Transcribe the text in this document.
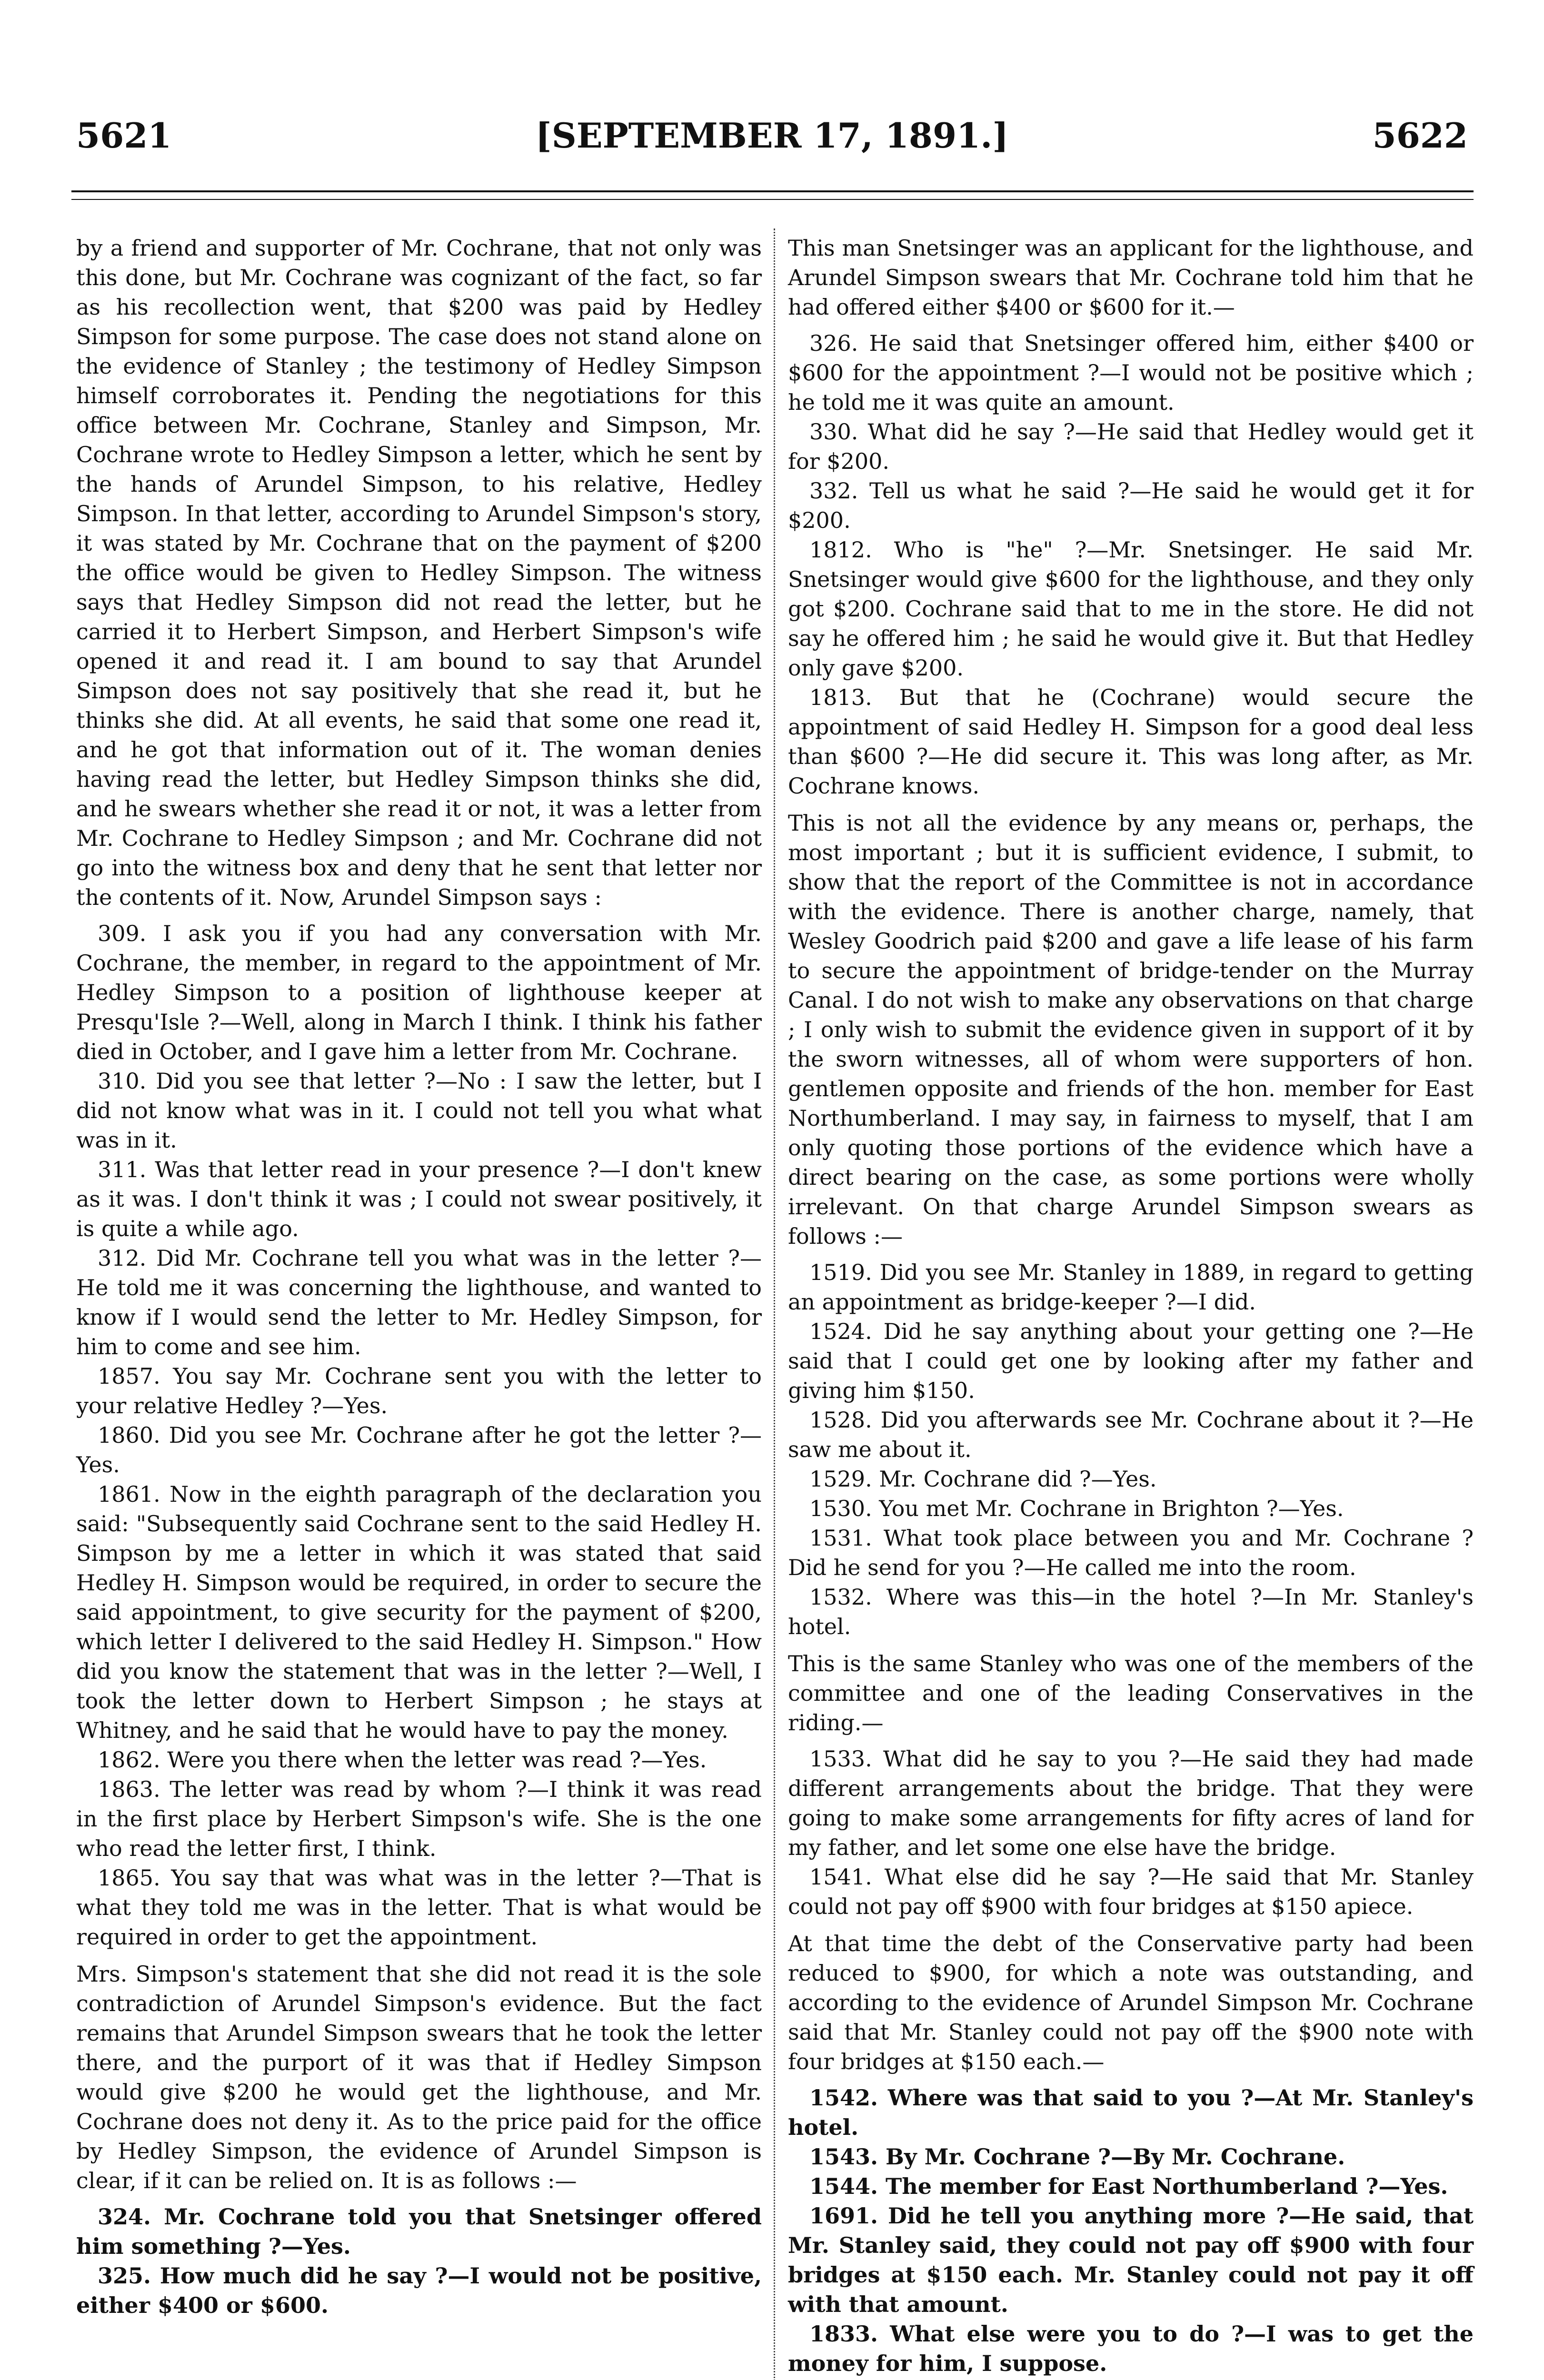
5621	[SEPTEMBER 17, 1891.]	5622

by a friend and supporter of Mr. Cochrane, that not only was this done, but Mr. Cochrane was cognizant of the fact, so far as his recollection went, that $200 was paid by Hedley Simpson for some purpose. The case does not stand alone on the evidence of Stanley ; the testimony of Hedley Simpson himself corroborates it. Pending the negotiations for this office between Mr. Cochrane, Stanley and Simpson, Mr. Cochrane wrote to Hedley Simpson a letter, which he sent by the hands of Arundel Simpson, to his relative, Hedley Simpson. In that letter, according to Arundel Simpson's story, it was stated by Mr. Cochrane that on the payment of $200 the office would be given to Hedley Simpson. The witness says that Hedley Simpson did not read the letter, but he carried it to Herbert Simpson, and Herbert Simpson's wife opened it and read it. I am bound to say that Arundel Simpson does not say positively that she read it, but he thinks she did. At all events, he said that some one read it, and he got that information out of it. The woman denies having read the letter, but Hedley Simpson thinks she did, and he swears whether she read it or not, it was a letter from Mr. Cochrane to Hedley Simpson ; and Mr. Cochrane did not go into the witness box and deny that he sent that letter nor the contents of it. Now, Arundel Simpson says :

309. I ask you if you had any conversation with Mr. Cochrane, the member, in regard to the appointment of Mr. Hedley Simpson to a position of lighthouse keeper at Presqu'Isle ?—Well, along in March I think. I think his father died in October, and I gave him a letter from Mr. Cochrane.

310. Did you see that letter ?—No : I saw the letter, but I did not know what was in it. I could not tell you what what was in it.

311. Was that letter read in your presence ?—I don't knew as it was. I don't think it was ; I could not swear positively, it is quite a while ago.

312. Did Mr. Cochrane tell you what was in the letter ?—He told me it was concerning the lighthouse, and wanted to know if I would send the letter to Mr. Hedley Simpson, for him to come and see him.

1857. You say Mr. Cochrane sent you with the letter to your relative Hedley ?—Yes.

1860. Did you see Mr. Cochrane after he got the letter ?—Yes.

1861. Now in the eighth paragraph of the declaration you said: "Subsequently said Cochrane sent to the said Hedley H. Simpson by me a letter in which it was stated that said Hedley H. Simpson would be required, in order to secure the said appointment, to give security for the payment of $200, which letter I delivered to the said Hedley H. Simpson." How did you know the statement that was in the letter ?—Well, I took the letter down to Herbert Simpson ; he stays at Whitney, and he said that he would have to pay the money.

1862. Were you there when the letter was read ?—Yes.

1863. The letter was read by whom ?—I think it was read in the first place by Herbert Simpson's wife. She is the one who read the letter first, I think.

1865. You say that was what was in the letter ?—That is what they told me was in the letter. That is what would be required in order to get the appointment.

Mrs. Simpson's statement that she did not read it is the sole contradiction of Arundel Simpson's evidence. But the fact remains that Arundel Simpson swears that he took the letter there, and the purport of it was that if Hedley Simpson would give $200 he would get the lighthouse, and Mr. Cochrane does not deny it. As to the price paid for the office by Hedley Simpson, the evidence of Arundel Simpson is clear, if it can be relied on. It is as follows :—

324. Mr. Cochrane told you that Snetsinger offered him something ?—Yes.

325. How much did he say ?—I would not be positive, either $400 or $600.

This man Snetsinger was an applicant for the lighthouse, and Arundel Simpson swears that Mr. Cochrane told him that he had offered either $400 or $600 for it.—

326. He said that Snetsinger offered him, either $400 or $600 for the appointment ?—I would not be positive which ; he told me it was quite an amount.

330. What did he say ?—He said that Hedley would get it for $200.

332. Tell us what he said ?—He said he would get it for $200.

1812. Who is "he" ?—Mr. Snetsinger. He said Mr. Snetsinger would give $600 for the lighthouse, and they only got $200. Cochrane said that to me in the store. He did not say he offered him ; he said he would give it. But that Hedley only gave $200.

1813. But that he (Cochrane) would secure the appointment of said Hedley H. Simpson for a good deal less than $600 ?—He did secure it. This was long after, as Mr. Cochrane knows.

This is not all the evidence by any means or, perhaps, the most important ; but it is sufficient evidence, I submit, to show that the report of the Committee is not in accordance with the evidence. There is another charge, namely, that Wesley Goodrich paid $200 and gave a life lease of his farm to secure the appointment of bridge-tender on the Murray Canal. I do not wish to make any observations on that charge ; I only wish to submit the evidence given in support of it by the sworn witnesses, all of whom were supporters of hon. gentlemen opposite and friends of the hon. member for East Northumberland. I may say, in fairness to myself, that I am only quoting those portions of the evidence which have a direct bearing on the case, as some portions were wholly irrelevant. On that charge Arundel Simpson swears as follows :—

1519. Did you see Mr. Stanley in 1889, in regard to getting an appointment as bridge-keeper ?—I did.

1524. Did he say anything about your getting one ?—He said that I could get one by looking after my father and giving him $150.

1528. Did you afterwards see Mr. Cochrane about it ?—He saw me about it.

1529. Mr. Cochrane did ?—Yes.

1530. You met Mr. Cochrane in Brighton ?—Yes.

1531. What took place between you and Mr. Cochrane ? Did he send for you ?—He called me into the room.

1532. Where was this—in the hotel ?—In Mr. Stanley's hotel.

This is the same Stanley who was one of the members of the committee and one of the leading Conservatives in the riding.—

1533. What did he say to you ?—He said they had made different arrangements about the bridge. That they were going to make some arrangements for fifty acres of land for my father, and let some one else have the bridge.

1541. What else did he say ?—He said that Mr. Stanley could not pay off $900 with four bridges at $150 apiece.

At that time the debt of the Conservative party had been reduced to $900, for which a note was outstanding, and according to the evidence of Arundel Simpson Mr. Cochrane said that Mr. Stanley could not pay off the $900 note with four bridges at $150 each.—

1542. Where was that said to you ?—At Mr. Stanley's hotel.

1543. By Mr. Cochrane ?—By Mr. Cochrane.

1544. The member for East Northumberland ?—Yes.

1691. Did he tell you anything more ?—He said, that Mr. Stanley said, they could not pay off $900 with four bridges at $150 each. Mr. Stanley could not pay it off with that amount.

1833. What else were you to do ?—I was to get the money for him, I suppose.
